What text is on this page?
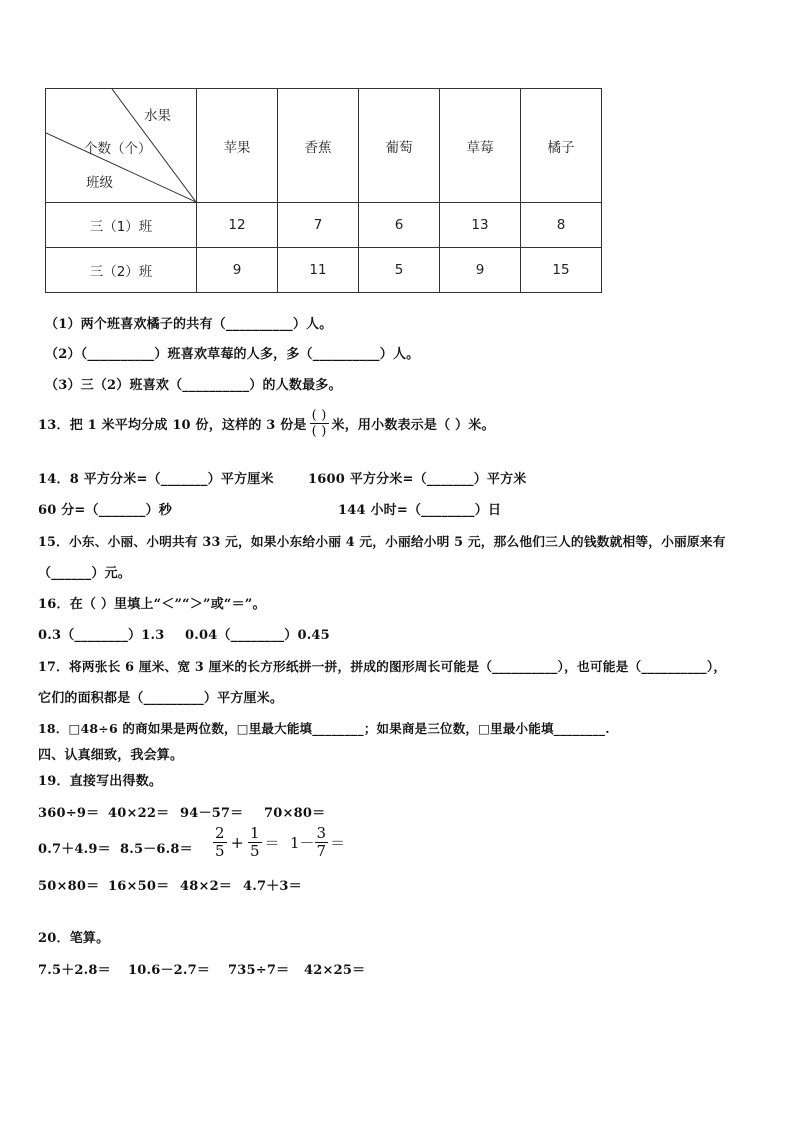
水果
个数（个）
班级	苹果	香蕉	葡萄	草莓	橘子
三（1）班	12	7	6	13	8
三（2）班	9	11	5	9	15
（1）两个班喜欢橘子的共有（__________）人。
（2）（__________）班喜欢草莓的人多，多（__________）人。
（3）三（2）班喜欢（__________）的人数最多。
13．把 1 米平均分成 10 份，这样的 3 份是 $\frac{( )}{( )}$ 米，用小数表示是（ ）米。
14．8 平方分米=（_______）平方厘米	1600 平方分米=（_______）平方米
60 分=（_______）秒	144 小时=（________）日
15．小东、小丽、小明共有 33 元，如果小东给小丽 4 元，小丽给小明 5 元，那么他们三人的钱数就相等，小丽原来有
（______）元。
16．在（ ）里填上“＜”“＞”或“＝”。
0.3（________）1.3 0.04（________）0.45
17．将两张长 6 厘米、宽 3 厘米的长方形纸拼一拼，拼成的图形周长可能是（__________），也可能是（__________），
它们的面积都是（_________）平方厘米。
18．□48÷6 的商如果是两位数，□里最大能填________；如果商是三位数，□里最小能填________.
四、认真细致，我会算。
19．直接写出得数。
360÷9＝ 40×22＝ 94－57＝ 70×80＝
$0.7+4.9= 8.5-6.8= \frac{2}{5} + \frac{1}{5} = 1- \frac{3}{7}$ ＝
50×80＝ 16×50＝ 48×2＝ 4.7＋3＝
20．笔算。
7.5＋2.8＝ 10.6－2.7＝ 735÷7＝ 42×25＝
